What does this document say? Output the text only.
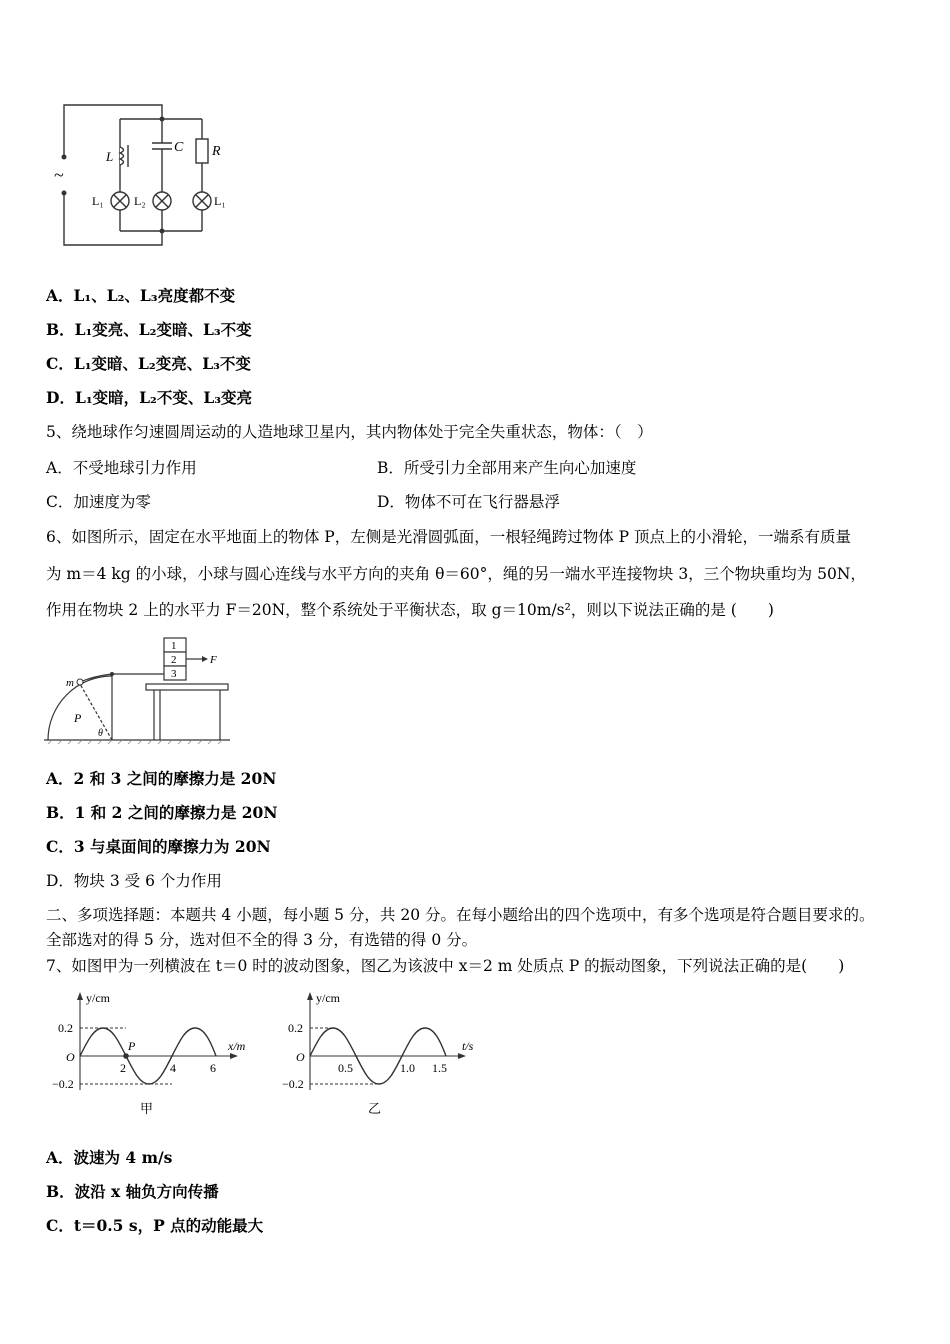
~
L
C R
L₁	L₂	L₁
A．L₁、L₂、L₃亮度都不变
B．L₁变亮、L₂变暗、L₃不变
C．L₁变暗、L₂变亮、L₃不变
D．L₁变暗，L₂不变、L₃变亮
5、绕地球作匀速圆周运动的人造地球卫星内，其内物体处于完全失重状态，物体：（　）
A．不受地球引力作用	B．所受引力全部用来产生向心加速度
C．加速度为零	D．物体不可在飞行器悬浮
6、如图所示，固定在水平地面上的物体 P，左侧是光滑圆弧面，一根轻绳跨过物体 P 顶点上的小滑轮，一端系有质量
为 m＝4 kg 的小球，小球与圆心连线与水平方向的夹角 θ＝60°，绳的另一端水平连接物块 3，三个物块重均为 50N，
作用在物块 2 上的水平力 F＝20N，整个系统处于平衡状态，取 g＝10m/s²，则以下说法正确的是 (　　)
1
2
3
F
m
P
θ
A．2 和 3 之间的摩擦力是 20N
B．1 和 2 之间的摩擦力是 20N
C．3 与桌面间的摩擦力为 20N
D．物块 3 受 6 个力作用
二、多项选择题：本题共 4 小题，每小题 5 分，共 20 分。在每小题给出的四个选项中，有多个选项是符合题目要求的。
全部选对的得 5 分，选对但不全的得 3 分，有选错的得 0 分。
7、如图甲为一列横波在 t＝0 时的波动图象，图乙为该波中 x＝2 m 处质点 P 的振动图象，下列说法正确的是(　　)
y/cm
x/m
O
0.2
−0.2
2	4	6
P
甲
y/cm
t/s
O
0.2
−0.2
0.5	1.0 1.5
乙
A．波速为 4 m/s
B．波沿 x 轴负方向传播
C．t＝0.5 s，P 点的动能最大
